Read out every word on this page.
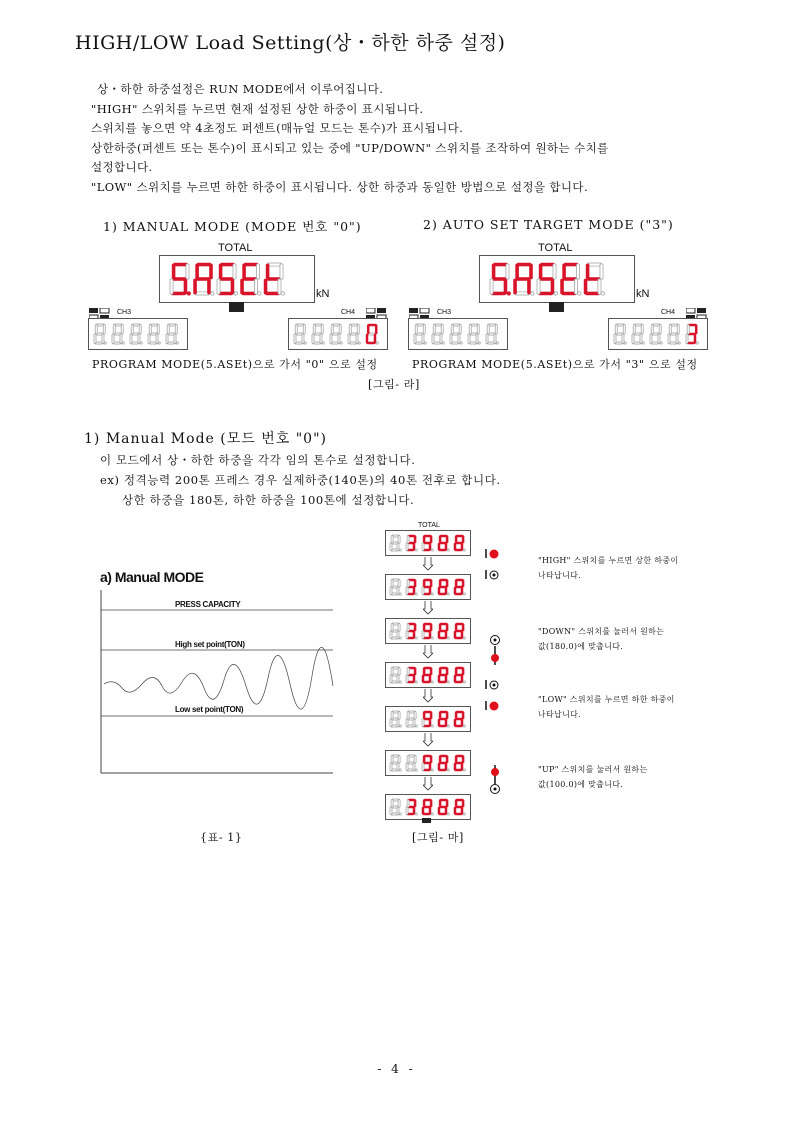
HIGH/LOW Load Setting(상・하한 하중 설정)
상・하한 하중설정은 RUN MODE에서 이루어집니다.
"HIGH" 스위치를 누르면 현재 설정된 상한 하중이 표시됩니다.
스위치를 놓으면 약 4초정도 퍼센트(매뉴얼 모드는 톤수)가 표시됩니다.
상한하중(퍼센트 또는 톤수)이 표시되고 있는 중에 "UP/DOWN" 스위치를 조작하여 원하는 수치를
설정합니다.
"LOW" 스위치를 누르면 하한 하중이 표시됩니다. 상한 하중과 동일한 방법으로 설정을 합니다.
1) MANUAL MODE (MODE 번호 "0")	2) AUTO SET TARGET MODE ("3")
TOTAL
kN
CH3	CH4
PROGRAM MODE(5.ASEt)으로 가서 "0" 으로 설정
TOTAL
kN
CH3	CH4
PROGRAM MODE(5.ASEt)으로 가서 "3" 으로 설정
[그림- 라]
1) Manual Mode (모드 번호 "0")
이 모드에서 상・하한 하중을 각각 임의 톤수로 설정합니다.
ex) 정격능력 200톤 프레스 경우 실제하중(140톤)의 40톤 전후로 합니다.
상한 하중을 180톤, 하한 하중을 100톤에 설정합니다.
a) Manual MODE
PRESS CAPACITY
High set point(TON)
Low set point(TON)
{표- 1}
TOTAL
"HIGH" 스위치를 누르면 상한 하중이
나타납니다.
"DOWN" 스위치를 눌러서 원하는
값(180.0)에 맞춥니다.
"LOW" 스위치를 누르면 하한 하중이
나타납니다.
"UP" 스위치를 눌러서 원하는
값(100.0)에 맞춥니다.
[그림- 마]
- 4 -
